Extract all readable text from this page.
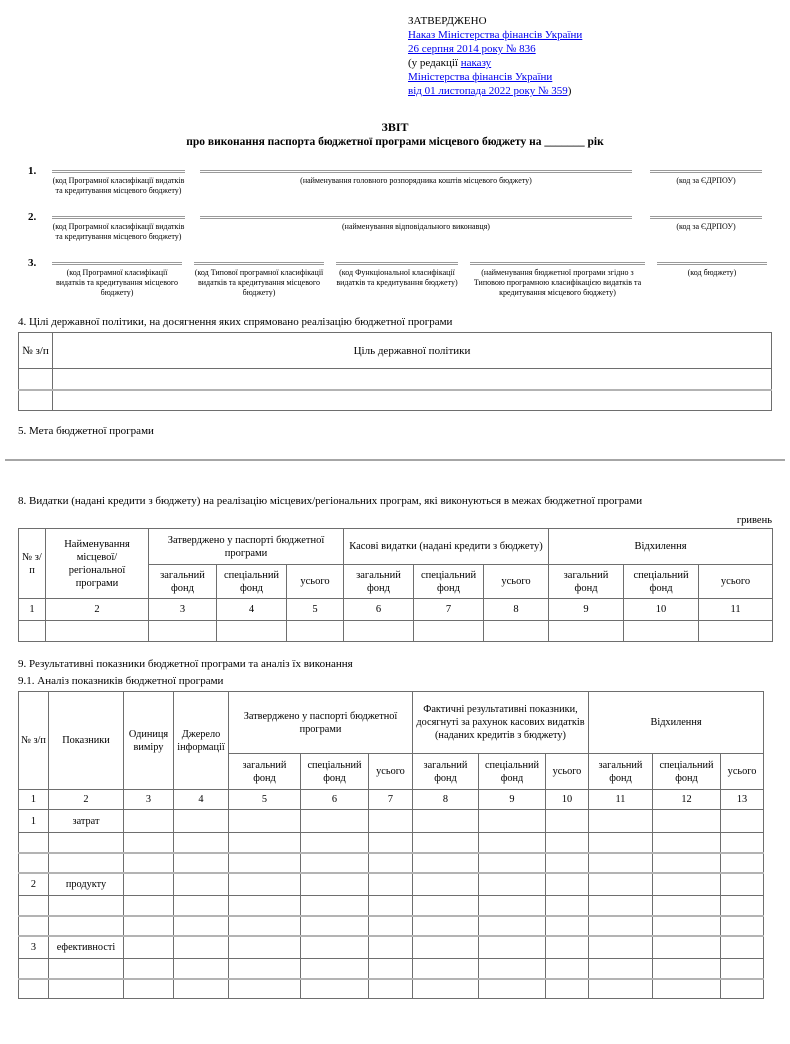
ЗАТВЕРДЖЕНО
Наказ Міністерства фінансів України
26 серпня 2014 року № 836
(у редакції наказу
Міністерства фінансів України
від 01 листопада 2022 року № 359)
ЗВІТ
про виконання паспорта бюджетної програми місцевого бюджету на _______ рік
1.
(код Програмної класифікації видатків та кредитування місцевого бюджету)
(найменування головного розпорядника коштів місцевого бюджету)	(код за ЄДРПОУ)
2.
(код Програмної класифікації видатків та кредитування місцевого бюджету)
(найменування відповідального виконавця)	(код за ЄДРПОУ)
3.
(код Програмної класифікації видатків та кредитування місцевого бюджету)
(код Типової програмної класифікації видатків та кредитування місцевого бюджету)
(код Функціональної класифікації видатків та кредитування бюджету)
(найменування бюджетної програми згідно з Типовою програмною класифікацією видатків та кредитування місцевого бюджету)
(код бюджету)
4. Цілі державної політики, на досягнення яких спрямовано реалізацію бюджетної програми
№ з/п	Ціль державної політики

5. Мета бюджетної програми
8. Видатки (надані кредити з бюджету) на реалізацію місцевих/регіональних програм, які виконуються в межах бюджетної програми
гривень
№ з/п	Найменування місцевої/ регіональної програми	Затверджено у паспорті бюджетної програми			Касові видатки (надані кредити з бюджету)			Відхилення		
		загальний фонд	спеціальний фонд	усього	загальний фонд	спеціальний фонд	усього	загальний фонд	спеціальний фонд	усього
1	2	3	4	5	6	7	8	9	10	11

9. Результативні показники бюджетної програми та аналіз їх виконання
9.1. Аналіз показників бюджетної програми
№ з/п	Показники	Одиниця виміру	Джерело інформації	Затверджено у паспорті бюджетної програми			Фактичні результативні показники, досягнуті за рахунок касових видатків (наданих кредитів з бюджету)			Відхилення		
				загальний фонд	спеціальний фонд	усього	загальний фонд	спеціальний фонд	усього	загальний фонд	спеціальний фонд	усього
1	2	3	4	5	6	7	8	9	10	11	12	13
1	затрат											

2	продукту											

3	ефективності											
